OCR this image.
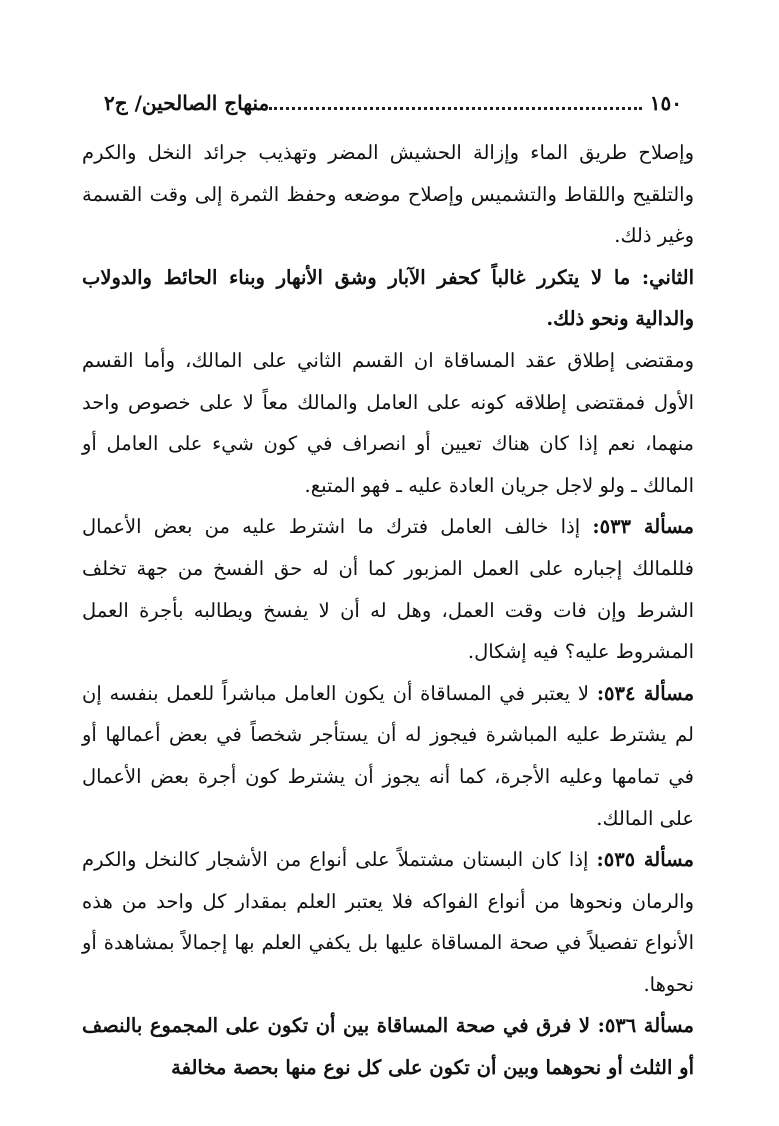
١٥٠
منهاج الصالحين/ ج٢

وإصلاح طريق الماء وإزالة الحشيش المضر وتهذيب جرائد النخل والكرم والتلقيح واللقاط والتشميس وإصلاح موضعه وحفظ الثمرة إلى وقت القسمة وغير ذلك.

الثاني: ما لا يتكرر غالباً كحفر الآبار وشق الأنهار وبناء الحائط والدولاب والدالية ونحو ذلك.

ومقتضى إطلاق عقد المساقاة ان القسم الثاني على المالك، وأما القسم الأول فمقتضى إطلاقه كونه على العامل والمالك معاً لا على خصوص واحد منهما، نعم إذا كان هناك تعيين أو انصراف في كون شيء على العامل أو المالك ـ ولو لاجل جريان العادة عليه ـ فهو المتبع.

مسألة ٥٣٣: إذا خالف العامل فترك ما اشترط عليه من بعض الأعمال فللمالك إجباره على العمل المزبور كما أن له حق الفسخ من جهة تخلف الشرط وإن فات وقت العمل، وهل له أن لا يفسخ ويطالبه بأجرة العمل المشروط عليه؟ فيه إشكال.

مسألة ٥٣٤: لا يعتبر في المساقاة أن يكون العامل مباشراً للعمل بنفسه إن لم يشترط عليه المباشرة فيجوز له أن يستأجر شخصاً في بعض أعمالها أو في تمامها وعليه الأجرة، كما أنه يجوز أن يشترط كون أجرة بعض الأعمال على المالك.

مسألة ٥٣٥: إذا كان البستان مشتملاً على أنواع من الأشجار كالنخل والكرم والرمان ونحوها من أنواع الفواكه فلا يعتبر العلم بمقدار كل واحد من هذه الأنواع تفصيلاً في صحة المساقاة عليها بل يكفي العلم بها إجمالاً بمشاهدة أو نحوها.

مسألة ٥٣٦: لا فرق في صحة المساقاة بين أن تكون على المجموع بالنصف أو الثلث أو نحوهما وبين أن تكون على كل نوع منها بحصة مخالفة
